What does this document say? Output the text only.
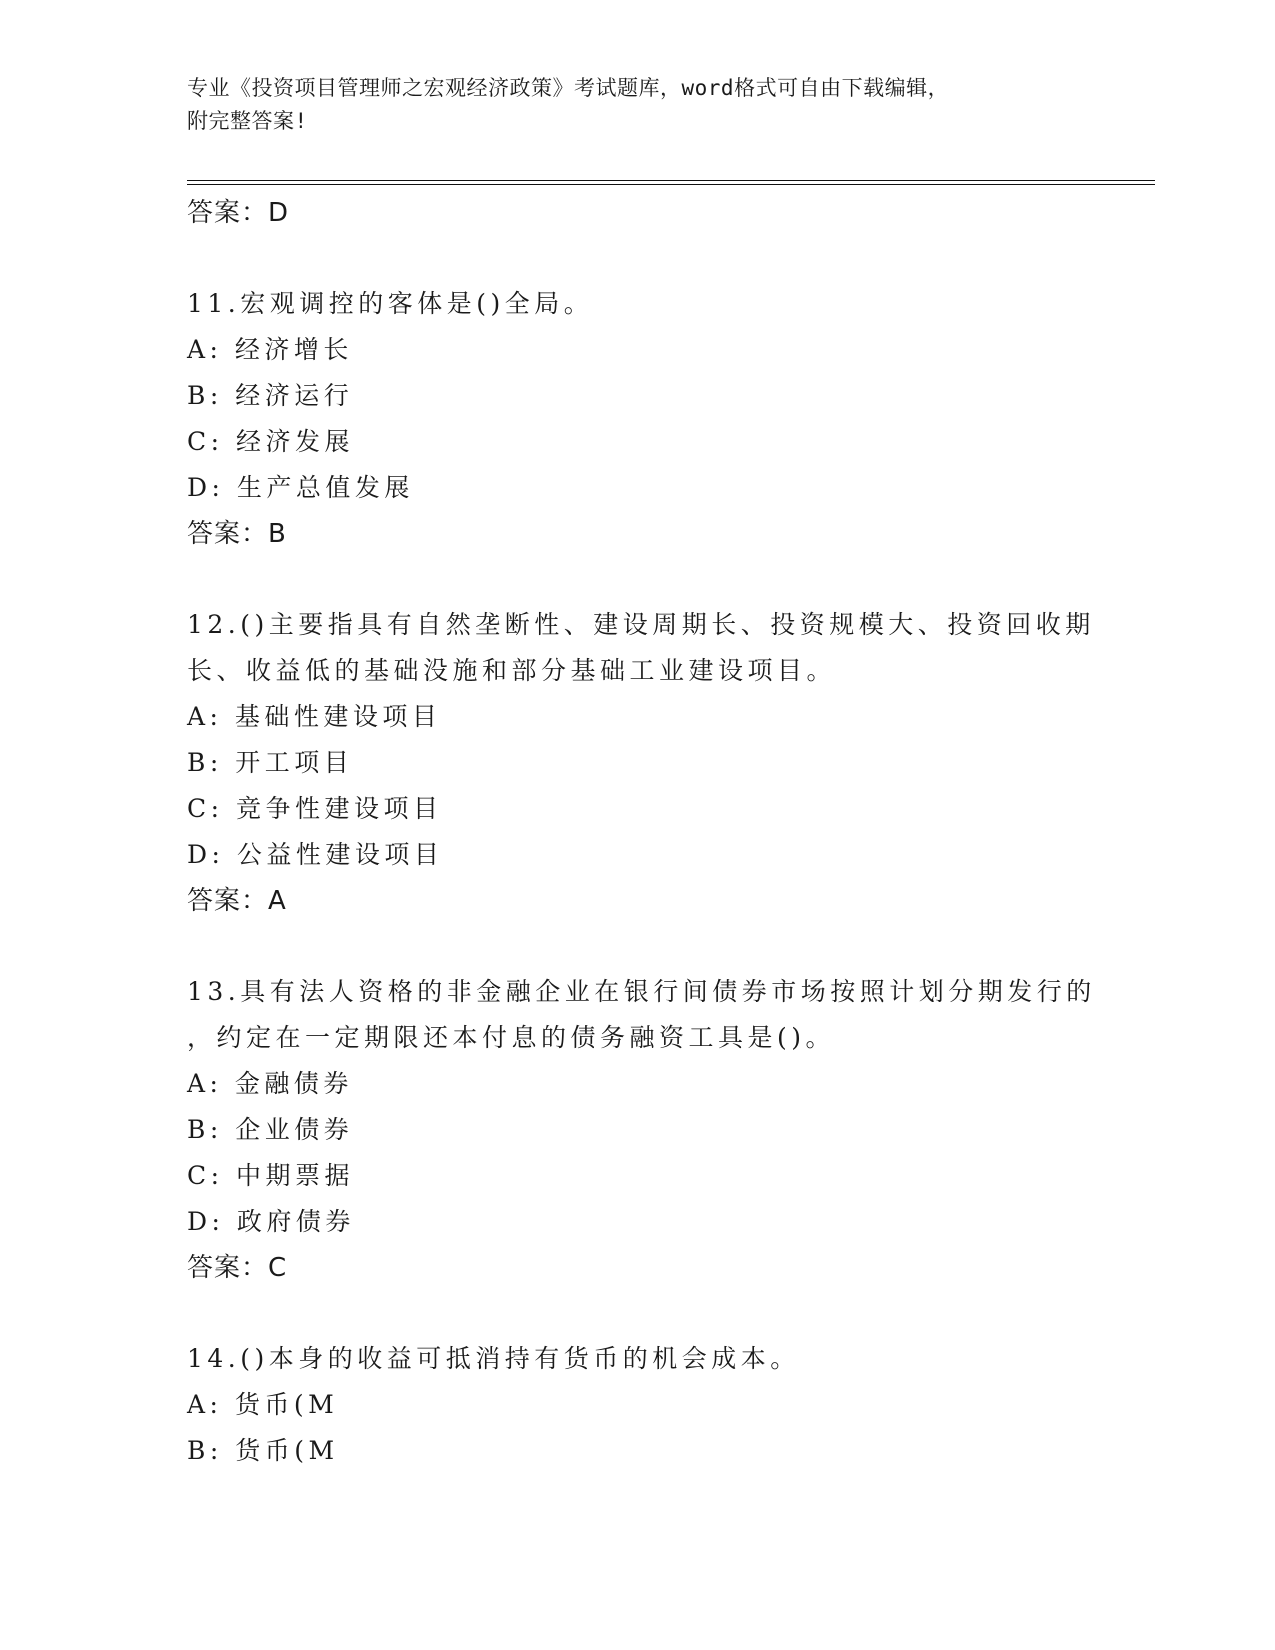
专业《投资项目管理师之宏观经济政策》考试题库，word格式可自由下载编辑，
附完整答案!
答案：D
11.宏观调控的客体是()全局。
A: 经济增长
B: 经济运行
C: 经济发展
D: 生产总值发展
答案：B
12.()主要指具有自然垄断性、建设周期长、投资规模大、投资回收期
长、收益低的基础没施和部分基础工业建设项目。
A: 基础性建设项目
B: 开工项目
C: 竞争性建设项目
D: 公益性建设项目
答案：A
13.具有法人资格的非金融企业在银行间债券市场按照计划分期发行的
，约定在一定期限还本付息的债务融资工具是()。
A: 金融债券
B: 企业债券
C: 中期票据
D: 政府债券
答案：C
14.()本身的收益可抵消持有货币的机会成本。
A: 货币(M
B: 货币(M
